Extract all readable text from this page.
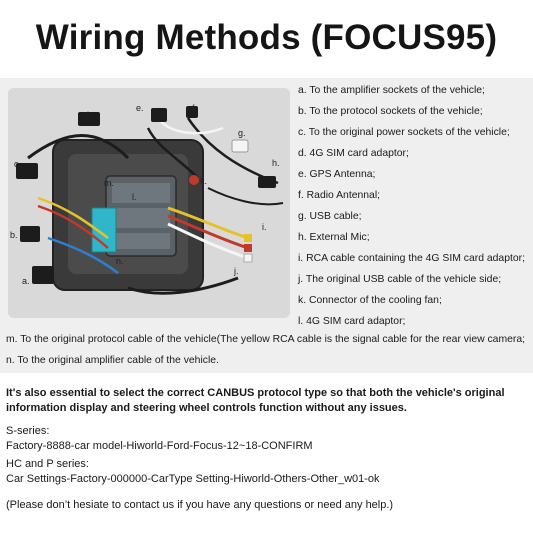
Wiring Methods (FOCUS95)
a.
b.
c.
d.
e.	f.
g.
h.
i.
j.
k.
l.
m.
n.
a. To the amplifier sockets of the vehicle;
b. To the protocol sockets of the vehicle;
c. To the original power sockets of the vehicle;
d. 4G SIM card adaptor;
e. GPS Antenna;
f. Radio Antennal;
g. USB cable;
h. External Mic;
i. RCA cable containing the 4G SIM card adaptor;
j. The original USB cable of the vehicle side;
k. Connector of the cooling fan;
l. 4G SIM card adaptor;
m. To the original protocol cable of the vehicle(The yellow RCA cable is the signal cable for the rear view camera;
n. To the original amplifier cable of the vehicle.
It's also essential to select the correct CANBUS protocol type so that both the vehicle's original information display and steering wheel controls function without any issues.
S-series:
Factory-8888-car model-Hiworld-Ford-Focus-12~18-CONFIRM
HC and P series:
Car Settings-Factory-000000-CarType Setting-Hiworld-Others-Other_w01-ok
(Please don’t hesiate to contact us if you have any questions or need any help.)
